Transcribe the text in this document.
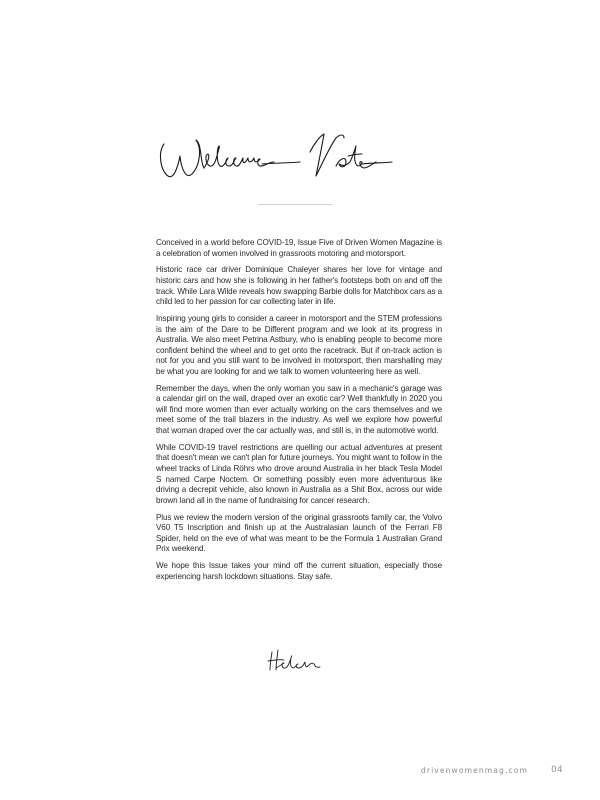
Conceived in a world before COVID-19, Issue Five of Driven Women Magazine is a celebration of women involved in grassroots motoring and motorsport.

Historic race car driver Dominique Chaleyer shares her love for vintage and historic cars and how she is following in her father's footsteps both on and off the track. While Lara Wilde reveals how swapping Barbie dolls for Matchbox cars as a child led to her passion for car collecting later in life.

Inspiring young girls to consider a career in motorsport and the STEM professions is the aim of the Dare to be Different program and we look at its progress in Australia. We also meet Petrina Astbury, who is enabling people to become more confident behind the wheel and to get onto the racetrack. But if on-track action is not for you and you still want to be involved in motorsport, then marshalling may be what you are looking for and we talk to women volunteering here as well.

Remember the days, when the only woman you saw in a mechanic's garage was a calendar girl on the wall, draped over an exotic car? Well thankfully in 2020 you will find more women than ever actually working on the cars themselves and we meet some of the trail blazers in the industry. As well we explore how powerful that woman draped over the car actually was, and still is, in the automotive world.

While COVID-19 travel restrictions are quelling our actual adventures at present that doesn't mean we can't plan for future journeys. You might want to follow in the wheel tracks of Linda Röhrs who drove around Australia in her black Tesla Model S named Carpe Noctem. Or something possibly even more adventurous like driving a decrepit vehicle, also known in Australia as a Shit Box, across our wide brown land all in the name of fundraising for cancer research.

Plus we review the modern version of the original grassroots family car, the Volvo V60 T5 Inscription and finish up at the Australasian launch of the Ferrari F8 Spider, held on the eve of what was meant to be the Formula 1 Australian Grand Prix weekend.

We hope this Issue takes your mind off the current situation, especially those experiencing harsh lockdown situations. Stay safe.

drivenwomenmag.com	04
